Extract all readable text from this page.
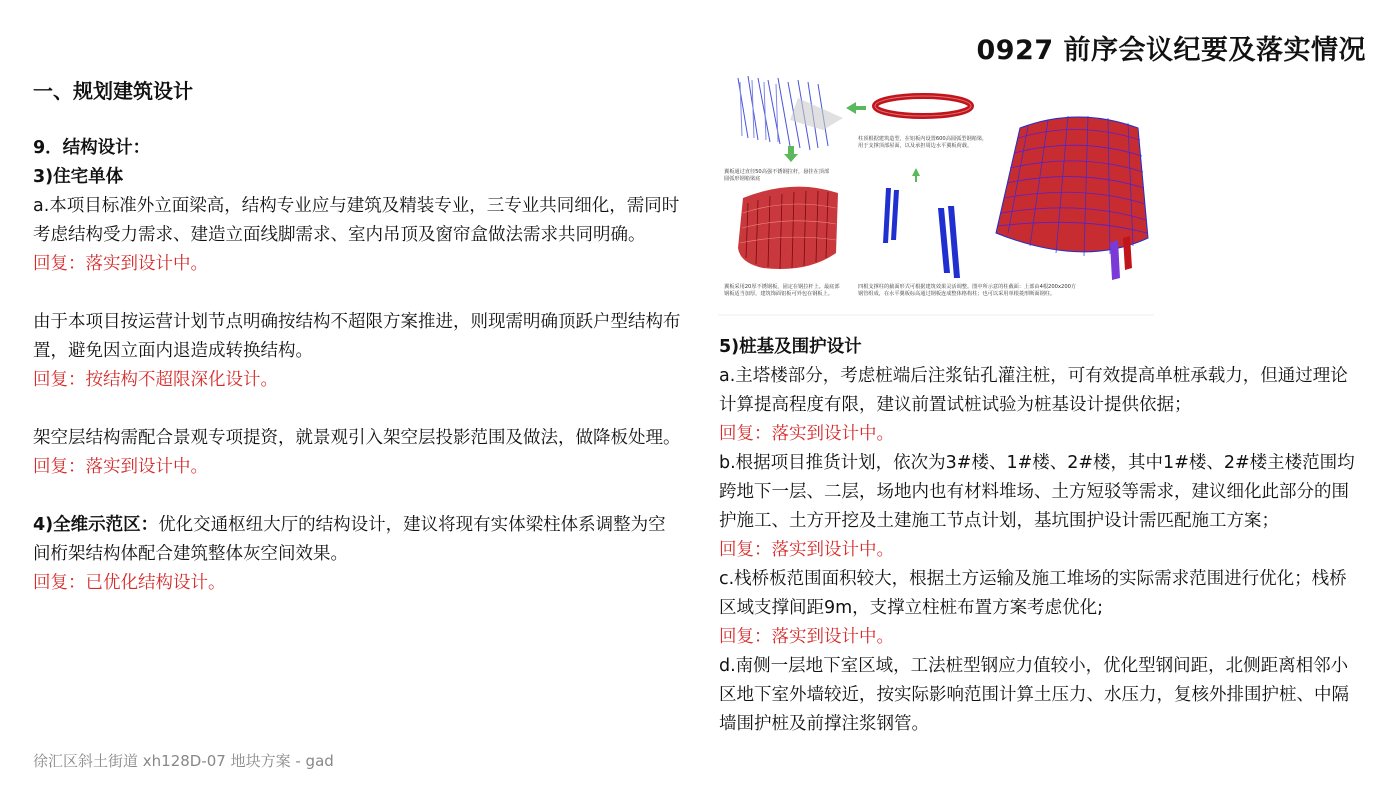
0927 前序会议纪要及落实情况
一、规划建筑设计

9．结构设计：

3)住宅单体

a.本项目标准外立面梁高，结构专业应与建筑及精装专业，三专业共同细化，需同时考虑结构受力需求、建造立面线脚需求、室内吊顶及窗帘盒做法需求共同明确。

回复：落实到设计中。

由于本项目按运营计划节点明确按结构不超限方案推进，则现需明确顶跃户型结构布置，避免因立面内退造成转换结构。

回复：按结构不超限深化设计。

架空层结构需配合景观专项提资，就景观引入架空层投影范围及做法，做降板处理。

回复：落实到设计中。

4)全维示范区：优化交通枢纽大厅的结构设计，建议将现有实体梁柱体系调整为空间桁架结构体配合建筑整体灰空间效果。

回复：已优化结构设计。

翼板通过直径50高强不锈钢拉杆，悬挂在顶部圆弧形钢箱梁底
柱顶根据建筑造型，在铝板内设置600高圆弧型钢箱梁，用于支撑顶部屋面，以及承担周边水平翼板荷载。
翼板采用20厚不锈钢板，固定在钢拉杆上。最底部钢板适当加厚，建筑饰面铝板可外包在钢板上。
四根支撑柱的截面形式可根据建筑效果灵活调整。图中所示意的柱截面：上部由4根200x200方钢管组成，在水平翼板标高通过钢板连成整体格构柱；也可以采用单根菱形断面钢柱。

5)桩基及围护设计

a.主塔楼部分，考虑桩端后注浆钻孔灌注桩，可有效提高单桩承载力，但通过理论计算提高程度有限，建议前置试桩试验为桩基设计提供依据；

回复：落实到设计中。

b.根据项目推货计划，依次为3#楼、1#楼、2#楼，其中1#楼、2#楼主楼范围均跨地下一层、二层，场地内也有材料堆场、土方短驳等需求，建议细化此部分的围护施工、土方开挖及土建施工节点计划，基坑围护设计需匹配施工方案；

回复：落实到设计中。

c.栈桥板范围面积较大，根据土方运输及施工堆场的实际需求范围进行优化；栈桥区域支撑间距9m，支撑立柱桩布置方案考虑优化;

回复：落实到设计中。

d.南侧一层地下室区域，工法桩型钢应力值较小，优化型钢间距，北侧距离相邻小区地下室外墙较近，按实际影响范围计算土压力、水压力，复核外排围护桩、中隔墙围护桩及前撑注浆钢管。

徐汇区斜土街道 xh128D-07 地块方案 - gad
